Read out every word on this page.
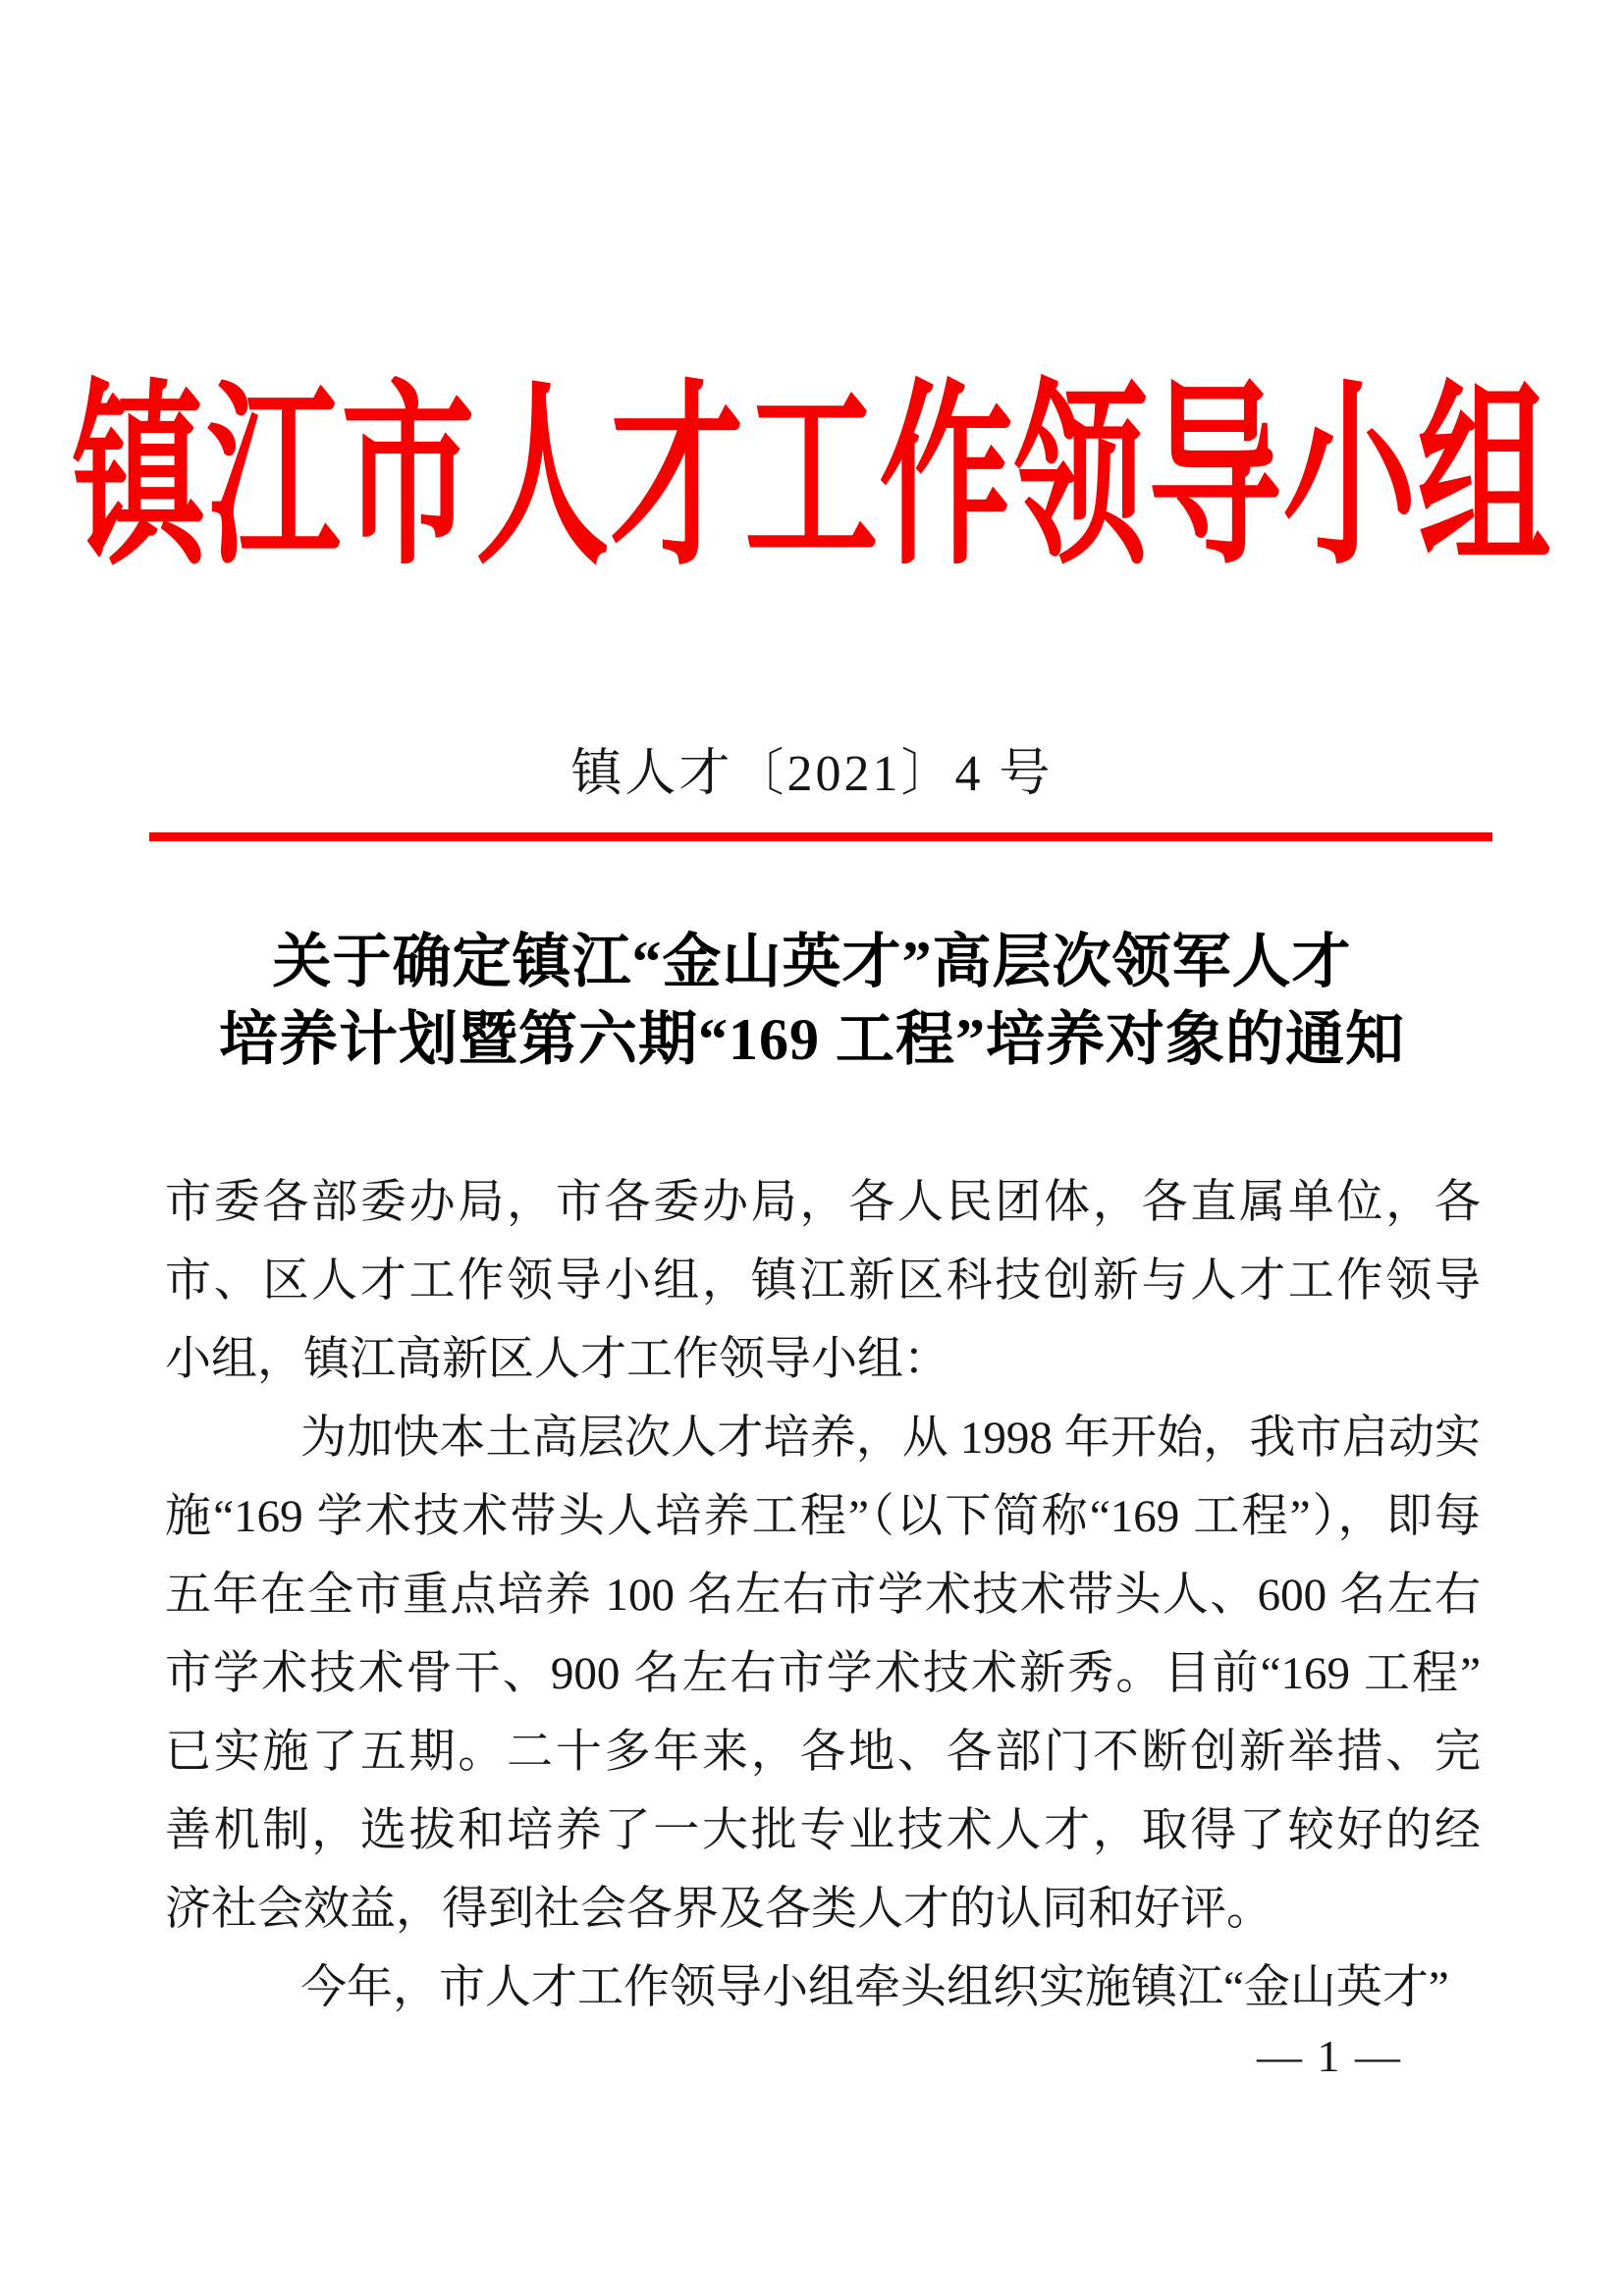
镇江市人才工作领导小组
镇人才〔2021〕4 号
关于确定镇江“金山英才”高层次领军人才
培养计划暨第六期“169 工程”培养对象的通知
市委各部委办局，市各委办局，各人民团体，各直属单位，各
市、区人才工作领导小组，镇江新区科技创新与人才工作领导
小组，镇江高新区人才工作领导小组：
为加快本土高层次人才培养，从 1998 年开始，我市启动实
施“169 学术技术带头人培养工程”（以下简称“169 工程”），即每
五年在全市重点培养 100 名左右市学术技术带头人、600 名左右
市学术技术骨干、900 名左右市学术技术新秀。目前“169 工程”
已实施了五期。二十多年来，各地、各部门不断创新举措、完
善机制，选拔和培养了一大批专业技术人才，取得了较好的经
济社会效益，得到社会各界及各类人才的认同和好评。
今年，市人才工作领导小组牵头组织实施镇江“金山英才”
— 1 —
